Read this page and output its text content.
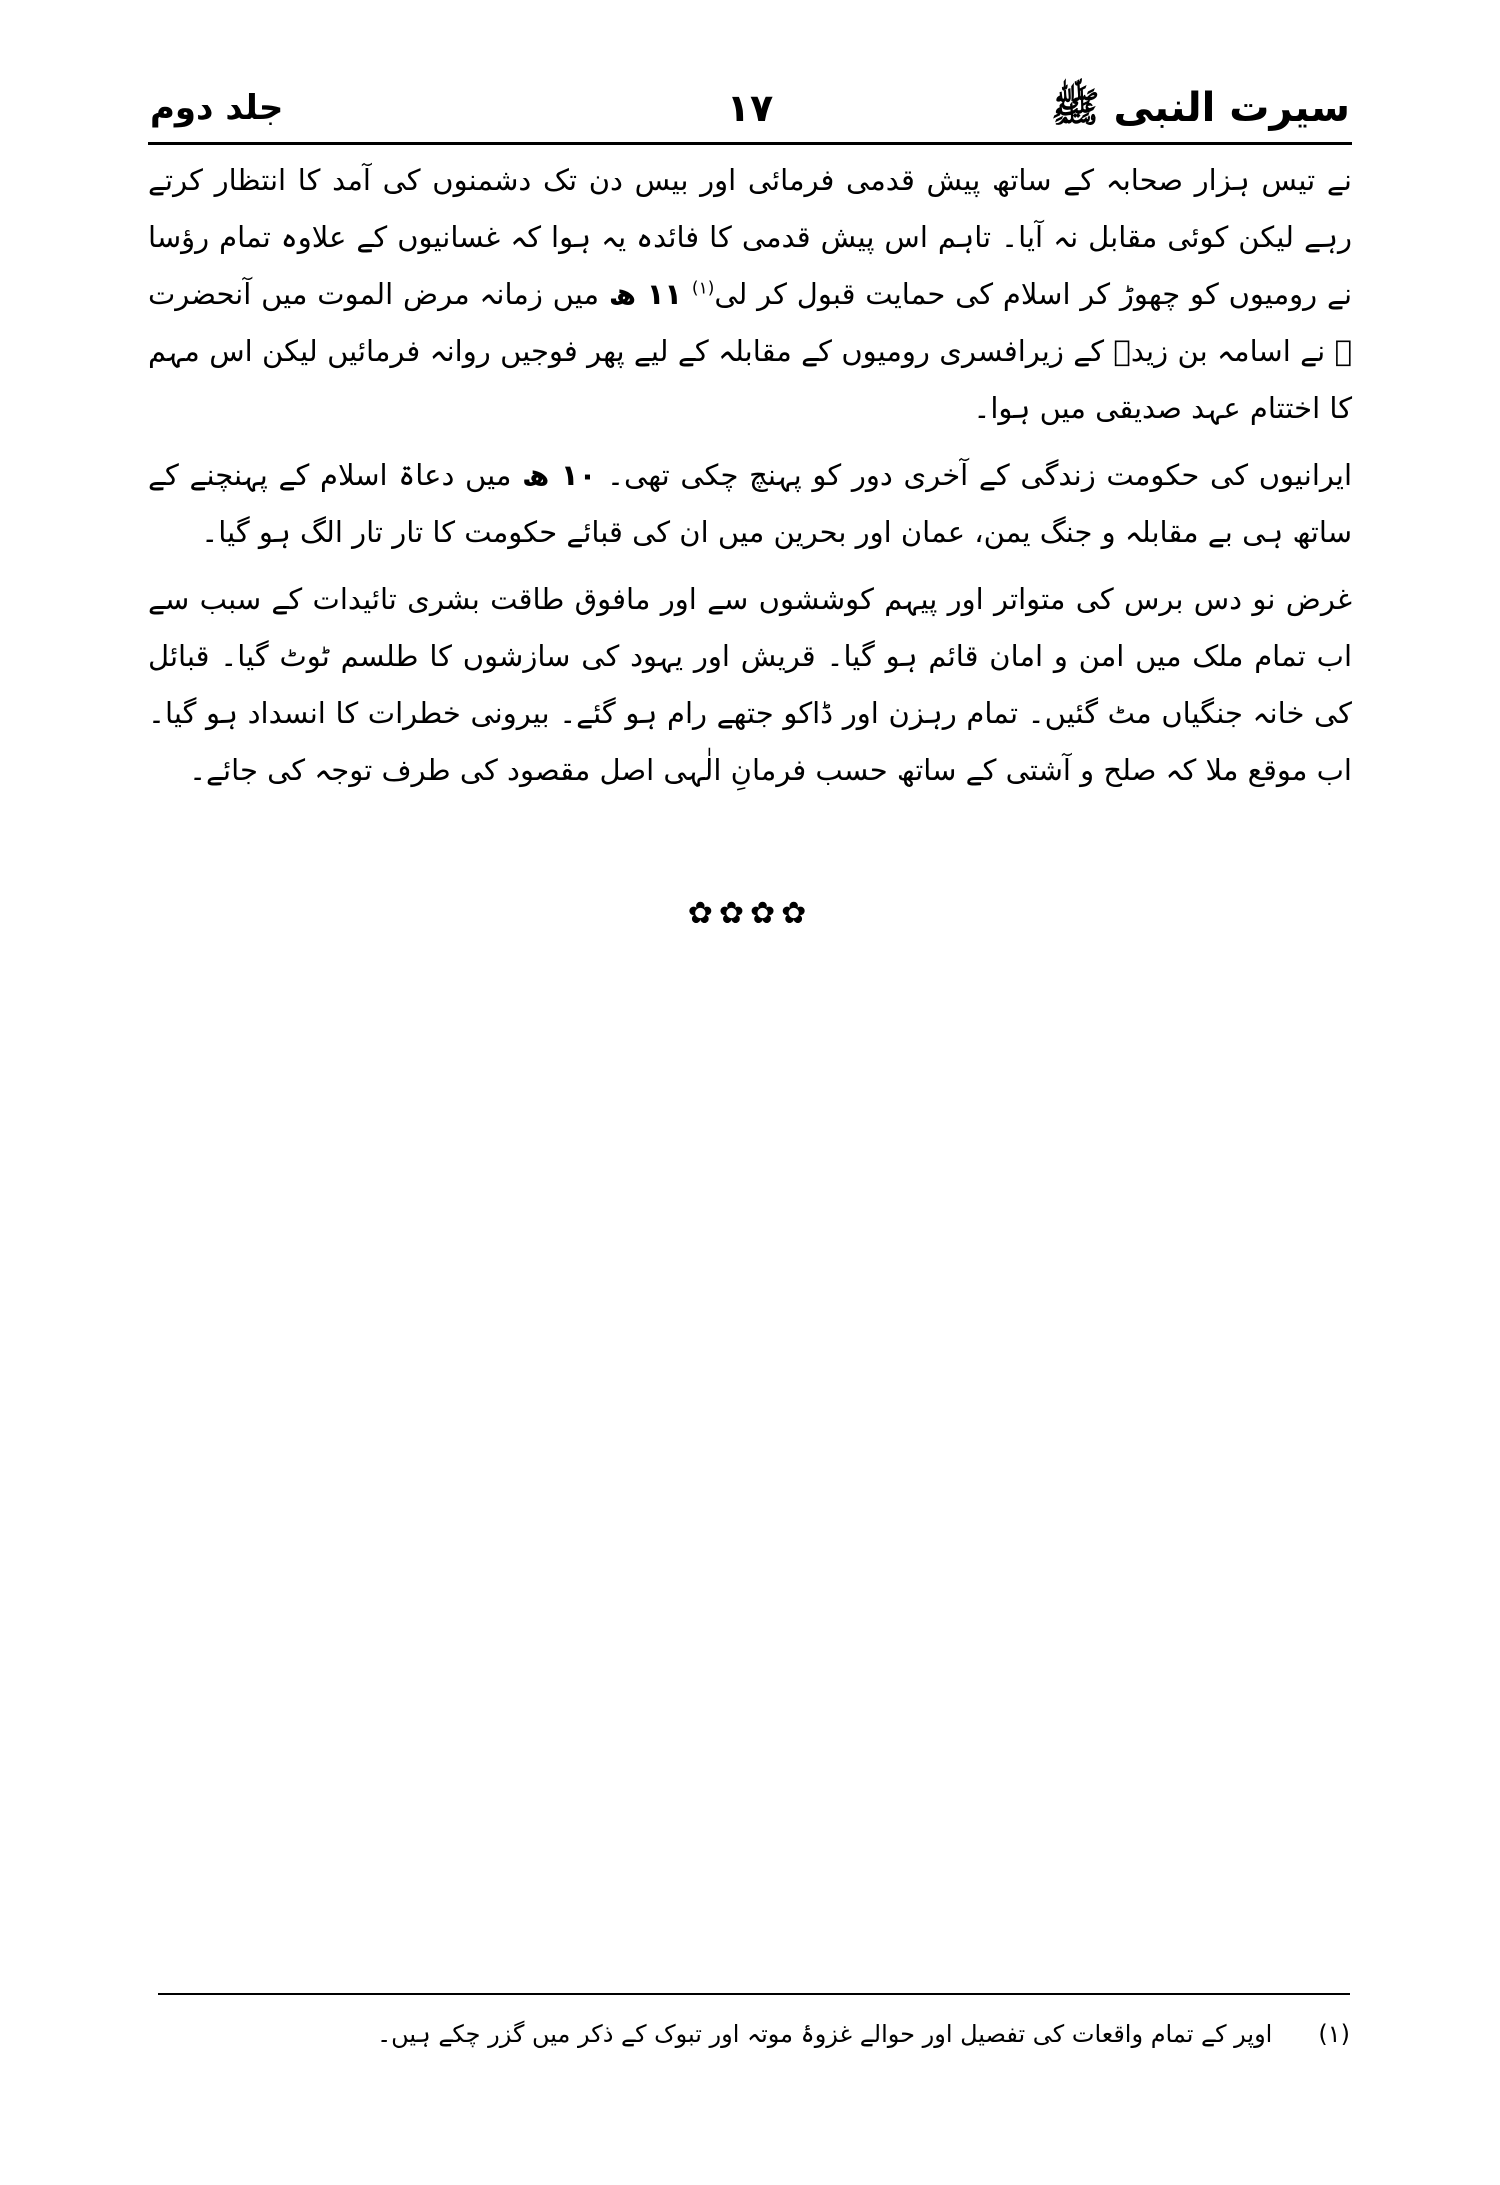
سیرت النبی ﷺ
۱۷
جلد دوم

نے تیس ہزار صحابہ کے ساتھ پیش قدمی فرمائی اور بیس دن تک دشمنوں کی آمد کا انتظار کرتے رہے لیکن کوئی مقابل نہ آیا۔ تاہم اس پیش قدمی کا فائدہ یہ ہوا کہ غسانیوں کے علاوہ تمام رؤسا نے رومیوں کو چھوڑ کر اسلام کی حمایت قبول کر لی$^{(۱)}$ ۱۱ ھ میں زمانہ مرض الموت میں آنحضرت ﷺ نے اسامہ بن زیدؓ کے زیرافسری رومیوں کے مقابلہ کے لیے پھر فوجیں روانہ فرمائیں لیکن اس مہم کا اختتام عہد صدیقی میں ہوا۔

ایرانیوں کی حکومت زندگی کے آخری دور کو پہنچ چکی تھی۔ ۱۰ ھ میں دعاۃ اسلام کے پہنچنے کے ساتھ ہی بے مقابلہ و جنگ یمن، عمان اور بحرین میں ان کی قبائے حکومت کا تار تار الگ ہو گیا۔

غرض نو دس برس کی متواتر اور پیہم کوششوں سے اور مافوق طاقت بشری تائیدات کے سبب سے اب تمام ملک میں امن و امان قائم ہو گیا۔ قریش اور یہود کی سازشوں کا طلسم ٹوٹ گیا۔ قبائل کی خانہ جنگیاں مٹ گئیں۔ تمام رہزن اور ڈاکو جتھے رام ہو گئے۔ بیرونی خطرات کا انسداد ہو گیا۔ اب موقع ملا کہ صلح و آشتی کے ساتھ حسب فرمانِ الٰہی اصل مقصود کی طرف توجہ کی جائے۔

✿✿✿✿
(۱)اوپر کے تمام واقعات کی تفصیل اور حوالے غزوۂ موتہ اور تبوک کے ذکر میں گزر چکے ہیں۔
